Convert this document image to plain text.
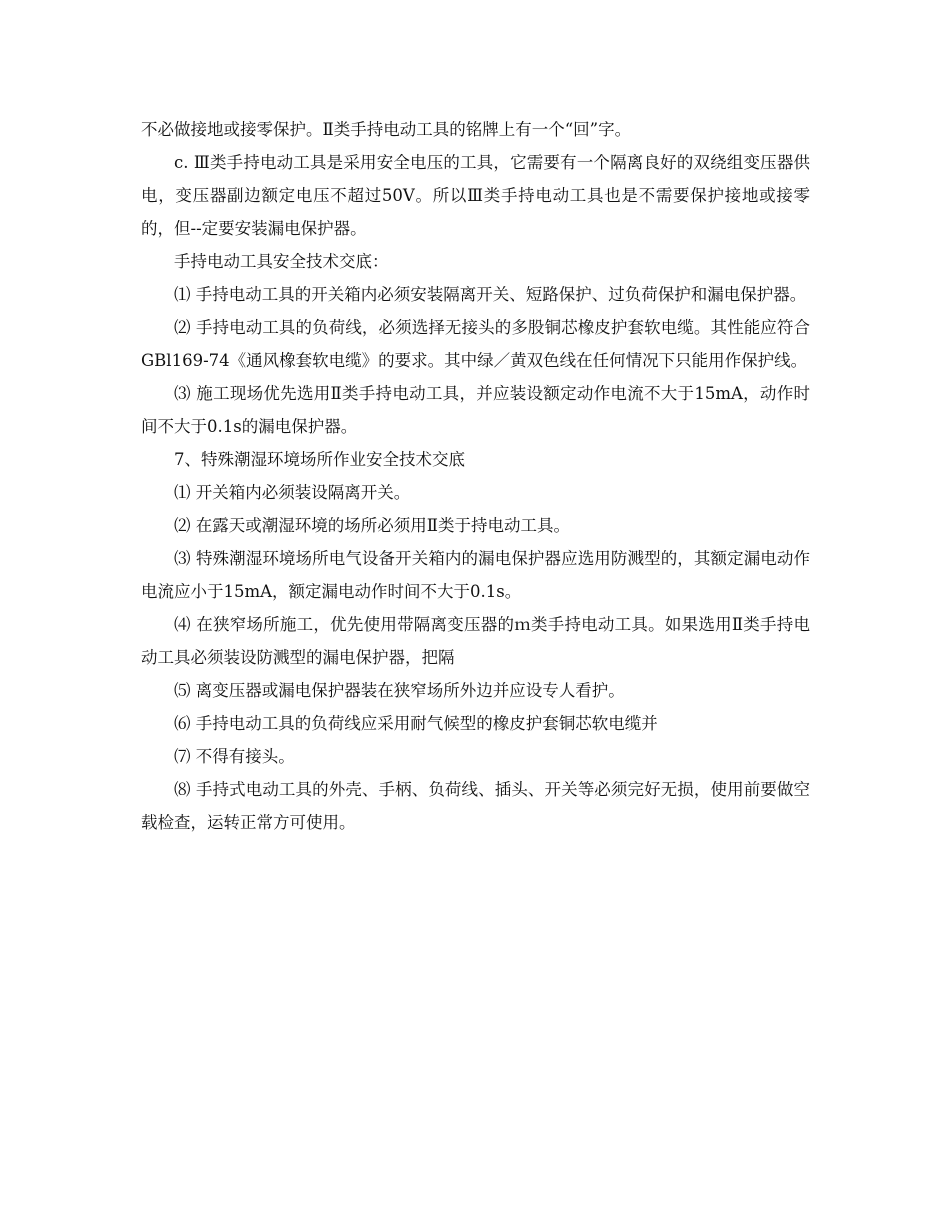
不必做接地或接零保护。Ⅱ类手持电动工具的铭牌上有一个“回”字。

c. Ⅲ类手持电动工具是采用安全电压的工具，它需要有一个隔离良好的双绕组变压器供电，变压器副边额定电压不超过50V。所以Ⅲ类手持电动工具也是不需要保护接地或接零的，但--定要安装漏电保护器。

手持电动工具安全技术交底：

⑴ 手持电动工具的开关箱内必须安装隔离开关、短路保护、过负荷保护和漏电保护器。

⑵ 手持电动工具的负荷线，必须选择无接头的多股铜芯橡皮护套软电缆。其性能应符合GBl169-74《通风橡套软电缆》的要求。其中绿／黄双色线在任何情况下只能用作保护线。

⑶ 施工现场优先选用Ⅱ类手持电动工具，并应装设额定动作电流不大于15mA，动作时间不大于0.1s的漏电保护器。

7、特殊潮湿环境场所作业安全技术交底

⑴ 开关箱内必须装设隔离开关。

⑵ 在露天或潮湿环境的场所必须用Ⅱ类于持电动工具。

⑶ 特殊潮湿环境场所电气设备开关箱内的漏电保护器应选用防溅型的，其额定漏电动作电流应小于15mA，额定漏电动作时间不大于0.1s。

⑷ 在狭窄场所施工，优先使用带隔离变压器的ｍ类手持电动工具。如果选用Ⅱ类手持电动工具必须装设防溅型的漏电保护器，把隔

⑸ 离变压器或漏电保护器装在狭窄场所外边并应设专人看护。

⑹ 手持电动工具的负荷线应采用耐气候型的橡皮护套铜芯软电缆并

⑺ 不得有接头。

⑻ 手持式电动工具的外壳、手柄、负荷线、插头、开关等必须完好无损，使用前要做空载检查，运转正常方可使用。
